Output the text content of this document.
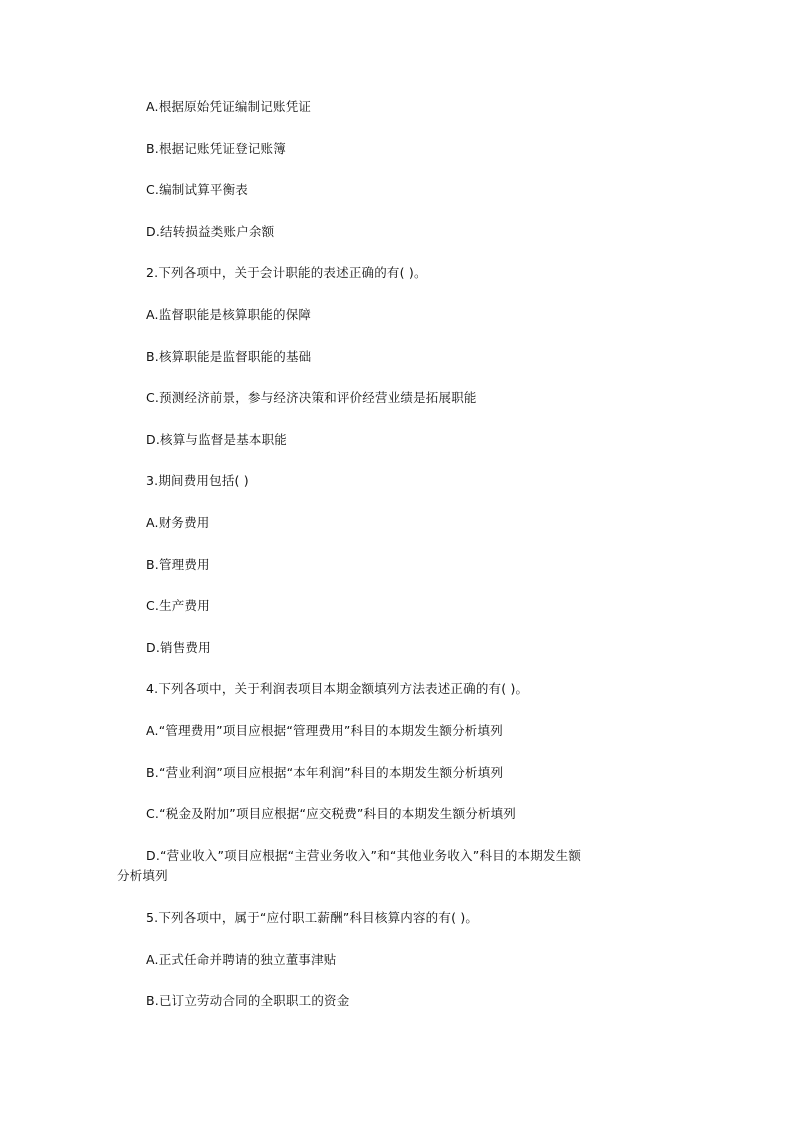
A.根据原始凭证编制记账凭证
B.根据记账凭证登记账簿
C.编制试算平衡表
D.结转损益类账户余额
2.下列各项中，关于会计职能的表述正确的有( )。
A.监督职能是核算职能的保障
B.核算职能是监督职能的基础
C.预测经济前景，参与经济决策和评价经营业绩是拓展职能
D.核算与监督是基本职能
3.期间费用包括( )
A.财务费用
B.管理费用
C.生产费用
D.销售费用
4.下列各项中，关于利润表项目本期金额填列方法表述正确的有( )。
A.“管理费用”项目应根据“管理费用”科目的本期发生额分析填列
B.“营业利润”项目应根据“本年利润”科目的本期发生额分析填列
C.“税金及附加”项目应根据“应交税费”科目的本期发生额分析填列
D.“营业收入”项目应根据“主营业务收入”和“其他业务收入”科目的本期发生额
分析填列
5.下列各项中，属于“应付职工薪酬”科目核算内容的有( )。
A.正式任命并聘请的独立董事津贴
B.已订立劳动合同的全职职工的资金
